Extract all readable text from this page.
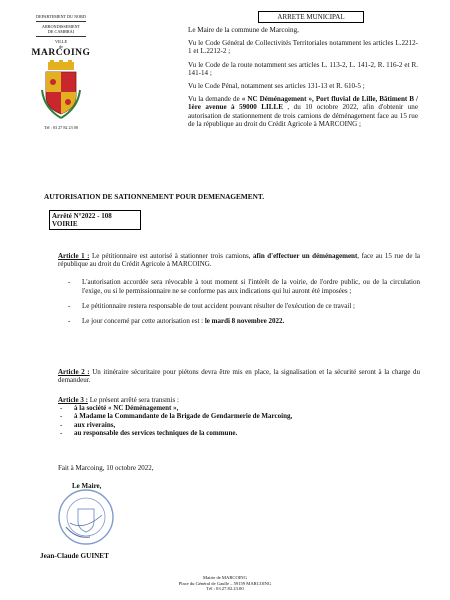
DEPARTEMENT DU NORD
ARRONDISSEMENT
DE CAMBRAI
VILLE
de
MARCOING
Tél : 03 27 82 23 00
ARRETE MUNICIPAL

Le Maire de la commune de Marcoing,

Vu le Code Général de Collectivités Territoriales notamment les articles L.2212-1 et L.2212-2 ;

Vu le Code de la route notamment ses articles L. 113-2, L. 141-2, R. 116-2 et R. 141-14 ;

Vu le Code Pénal, notamment ses articles 131-13 et R. 610-5 ;

Vu la demande de « NC Déménagement », Port fluvial de Lille, Bâtiment B / 1ère avenue à 59000 LILLE , du 10 octobre 2022, afin d'obtenir une autorisation de stationnement de trois camions de déménagement face au 15 rue de la république au droit du Crédit Agricole à MARCOING ;

AUTORISATION DE SATIONNEMENT POUR DEMENAGEMENT.
Arrêté N°2022 - 108
VOIRIE
Article 1 : Le pétitionnaire est autorisé à stationner trois camions, afin d'effectuer un déménagement, face au 15 rue de la république au droit du Crédit Agricole à MARCOING.
-	L'autorisation accordée sera révocable à tout moment si l'intérêt de la voirie, de l'ordre public, ou de la circulation l'exige, ou si le permissionnaire ne se conforme pas aux indications qui lui auront été imposées ;
-	Le pétitionnaire restera responsable de tout accident pouvant résulter de l'exécution de ce travail ;
-	Le jour concerné par cette autorisation est : le mardi 8 novembre 2022.
Article 2 : Un itinéraire sécuritaire pour piétons devra être mis en place, la signalisation et la sécurité seront à la charge du demandeur.
Article 3 : Le présent arrêté sera transmis :
-	à la société « NC Déménagement »,
-	à Madame la Commandante de la Brigade de Gendarmerie de Marcoing,
-	aux riverains,
-	au responsable des services techniques de la commune.
Fait à Marcoing, 10 octobre 2022,
Le Maire,
Jean-Claude GUINET
Mairie de MARCOING
Place du Général de Gaulle – 59159 MARCOING
Tél : 03.27.82.23.00
